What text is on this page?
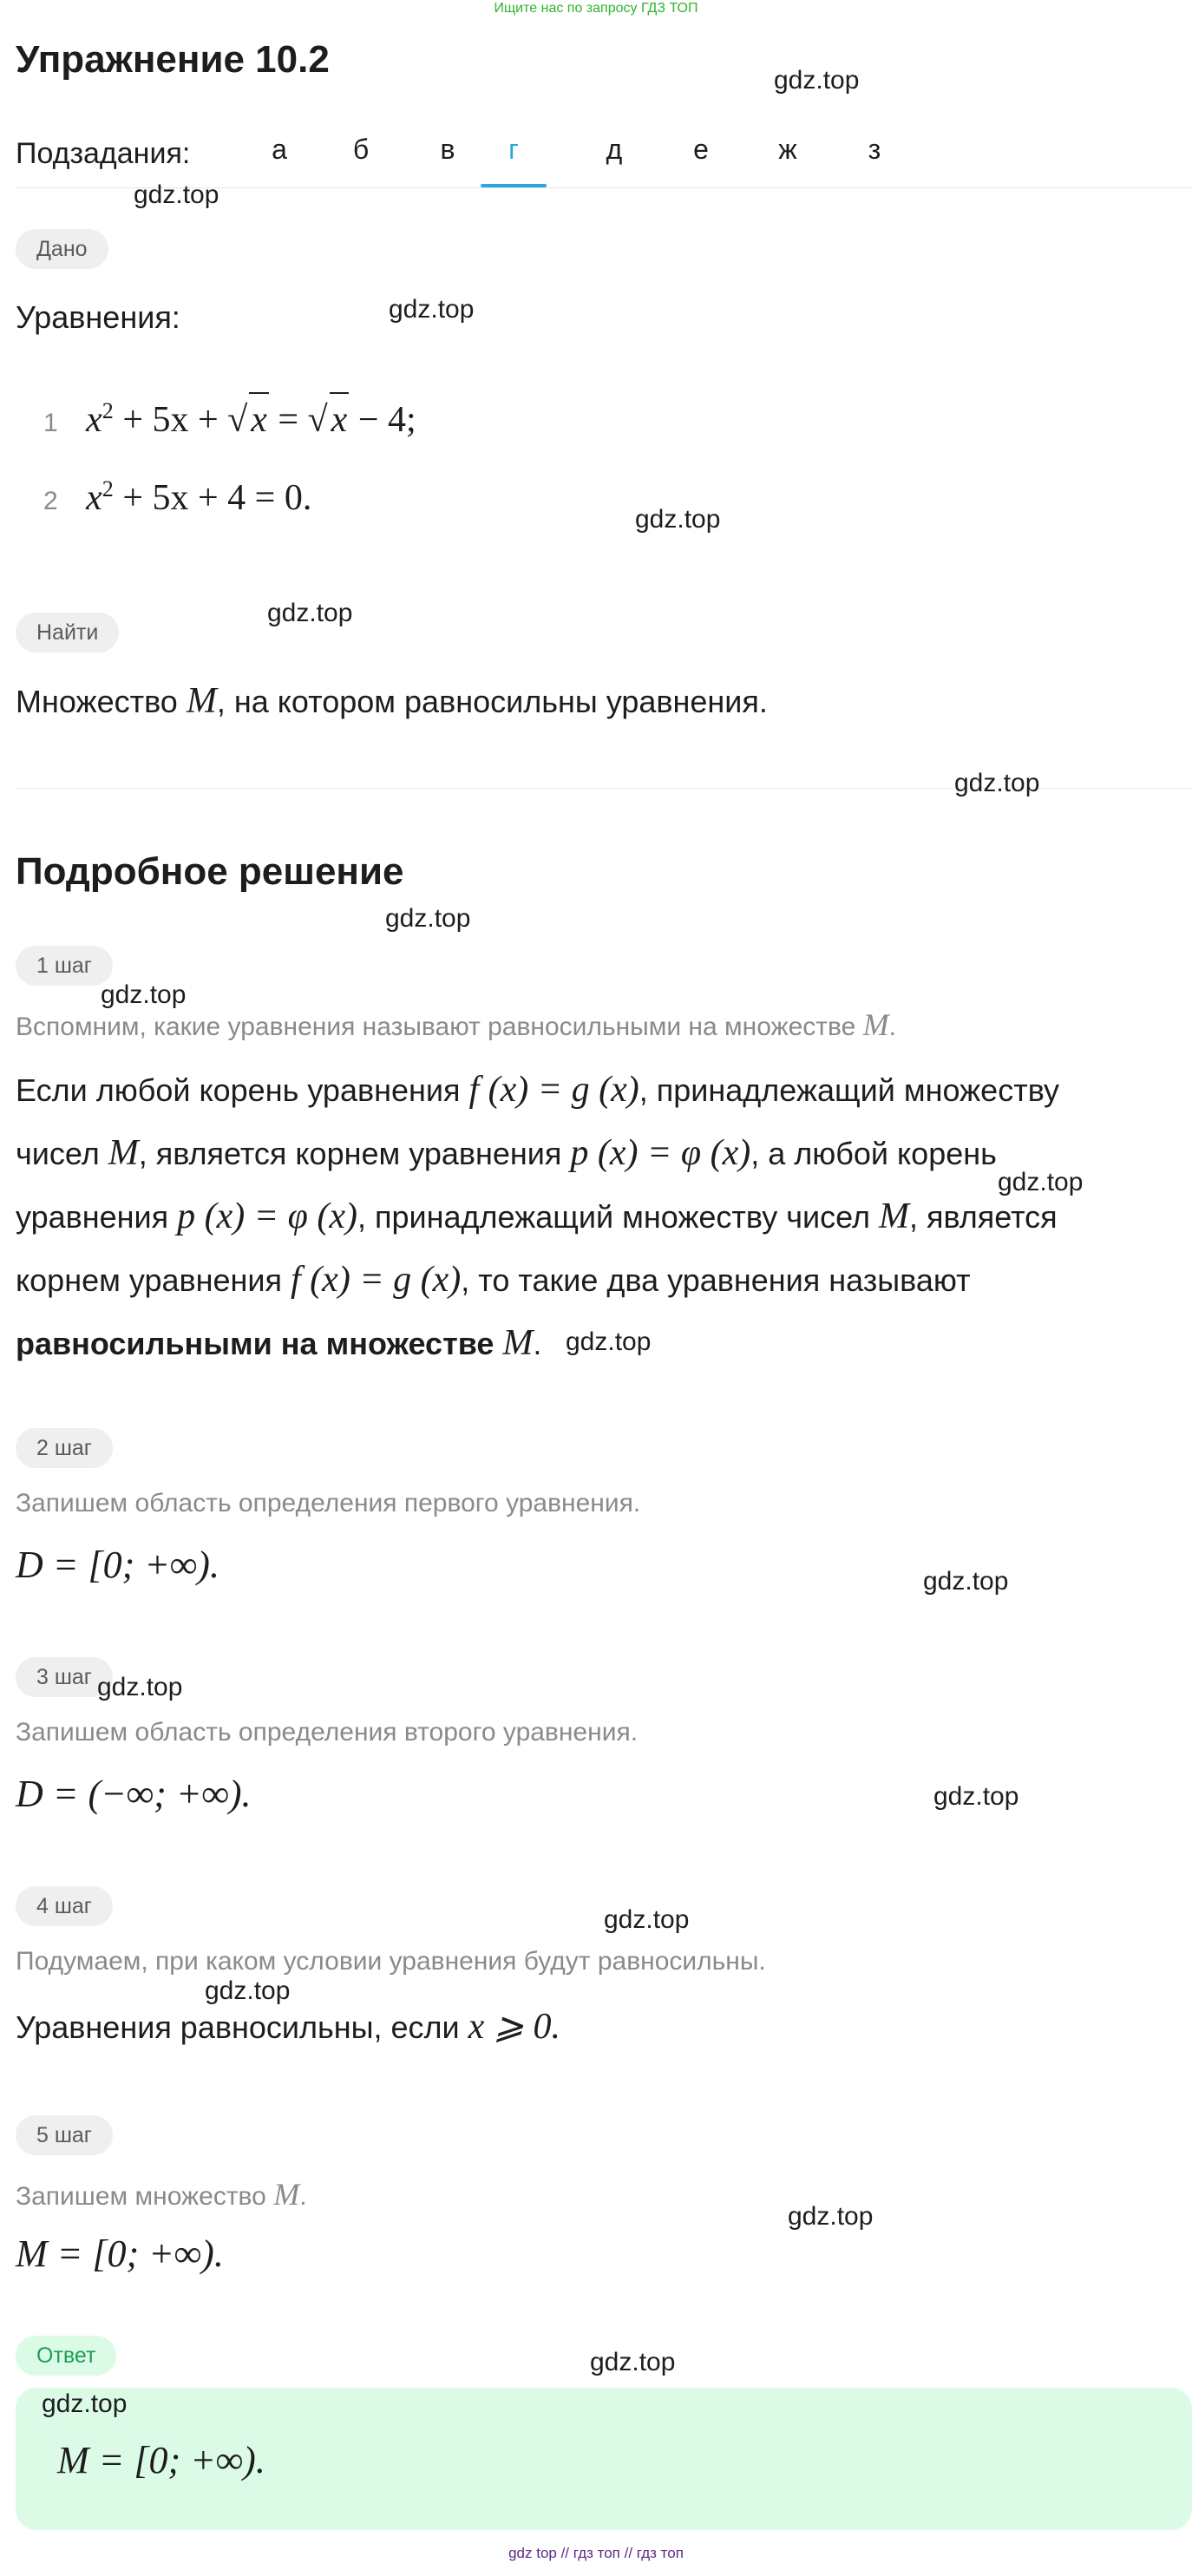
Ищите нас по запросу ГДЗ ТОП
Упражнение 10.2
Подзадания:	а	б	в	г	д	е	ж	з
Дано
Уравнения:
1 $x^2 + 5x + √x = √x - 4$;
2 $x^2 + 5x + 4 = 0$.
Найти
Множество M, на котором равносильны уравнения.
Подробное решение
1 шаг
Вспомним, какие уравнения называют равносильными на множестве M.
Если любой корень уравнения f (x) = g (x), принадлежащий множеству
чисел M, является корнем уравнения p (x) = φ (x), а любой корень
уравнения p (x) = φ (x), принадлежащий множеству чисел M, является
корнем уравнения f (x) = g (x), то такие два уравнения называют
равносильными на множестве M.
2 шаг
Запишем область определения первого уравнения.
D = [0; +∞).
3 шаг
Запишем область определения второго уравнения.
D = (−∞; +∞).
4 шаг
Подумаем, при каком условии уравнения будут равносильны.
Уравнения равносильны, если x ⩾ 0.
5 шаг
Запишем множество M.
M = [0; +∞).
Ответ
M = [0; +∞).
gdz.top
gdz.top
gdz.top
gdz.top
gdz.top
gdz.top
gdz.top
gdz.top
gdz.top
gdz.top
gdz.top
gdz.top
gdz.top
gdz.top
gdz.top
gdz.top
gdz.top
gdz.top
gdz top // гдз топ // гдз топ
